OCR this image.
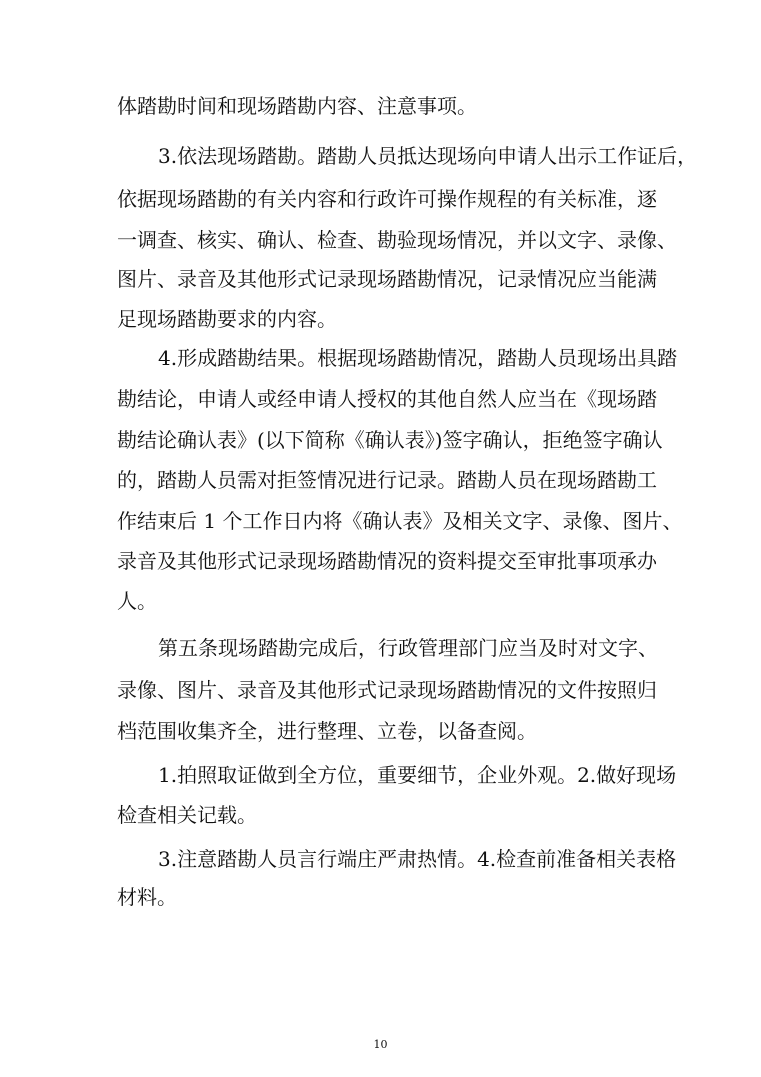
体踏勘时间和现场踏勘内容、注意事项。
3.依法现场踏勘。踏勘人员抵达现场向申请人出示工作证后，
依据现场踏勘的有关内容和行政许可操作规程的有关标准，逐
一调查、核实、确认、检查、勘验现场情况，并以文字、录像、
图片、录音及其他形式记录现场踏勘情况，记录情况应当能满
足现场踏勘要求的内容。
4.形成踏勘结果。根据现场踏勘情况，踏勘人员现场出具踏
勘结论，申请人或经申请人授权的其他自然人应当在《现场踏
勘结论确认表》(以下简称《确认表》)签字确认，拒绝签字确认
的，踏勘人员需对拒签情况进行记录。踏勘人员在现场踏勘工
作结束后 1 个工作日内将《确认表》及相关文字、录像、图片、
录音及其他形式记录现场踏勘情况的资料提交至审批事项承办
人。
第五条现场踏勘完成后，行政管理部门应当及时对文字、
录像、图片、录音及其他形式记录现场踏勘情况的文件按照归
档范围收集齐全，进行整理、立卷，以备查阅。
1.拍照取证做到全方位，重要细节，企业外观。2.做好现场
检查相关记载。
3.注意踏勘人员言行端庄严肃热情。4.检查前准备相关表格
材料。
10
